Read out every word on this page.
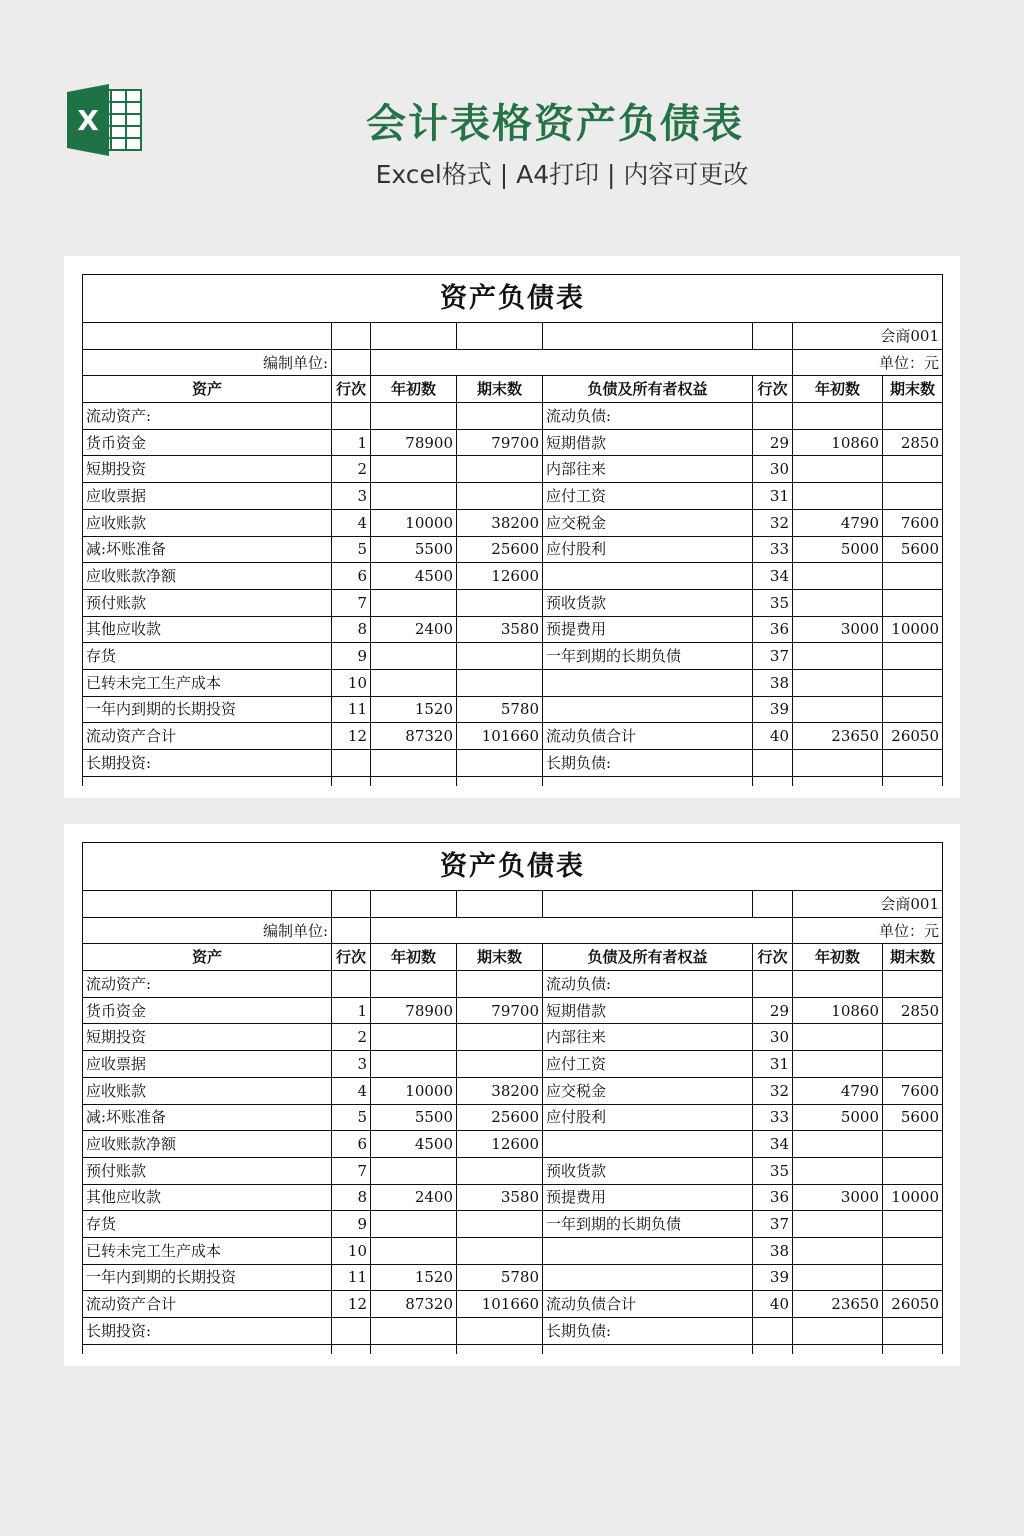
X	会计表格资产负债表
Excel格式 | A4打印 | 内容可更改
资产负债表							
						会商001	
编制单位:						单位：元	
资产	行次	年初数	期末数	负债及所有者权益	行次	年初数	期末数
流动资产:				流动负债:			
货币资金	1	78900	79700	短期借款	29	10860	2850
短期投资	2			内部往来	30		
应收票据	3			应付工资	31		
应收账款	4	10000	38200	应交税金	32	4790	7600
减:坏账准备	5	5500	25600	应付股利	33	5000	5600
应收账款净额	6	4500	12600		34		
预付账款	7			预收货款	35		
其他应收款	8	2400	3580	预提费用	36	3000	10000
存货	9			一年到期的长期负债	37		
已转未完工生产成本	10				38		
一年内到期的长期投资	11	1520	5780		39		
流动资产合计	12	87320	101660	流动负债合计	40	23650	26050
长期投资:				长期负债:			

资产负债表							
						会商001	
编制单位:						单位：元	
资产	行次	年初数	期末数	负债及所有者权益	行次	年初数	期末数
流动资产:				流动负债:			
货币资金	1	78900	79700	短期借款	29	10860	2850
短期投资	2			内部往来	30		
应收票据	3			应付工资	31		
应收账款	4	10000	38200	应交税金	32	4790	7600
减:坏账准备	5	5500	25600	应付股利	33	5000	5600
应收账款净额	6	4500	12600		34		
预付账款	7			预收货款	35		
其他应收款	8	2400	3580	预提费用	36	3000	10000
存货	9			一年到期的长期负债	37		
已转未完工生产成本	10				38		
一年内到期的长期投资	11	1520	5780		39		
流动资产合计	12	87320	101660	流动负债合计	40	23650	26050
长期投资:				长期负债:			
